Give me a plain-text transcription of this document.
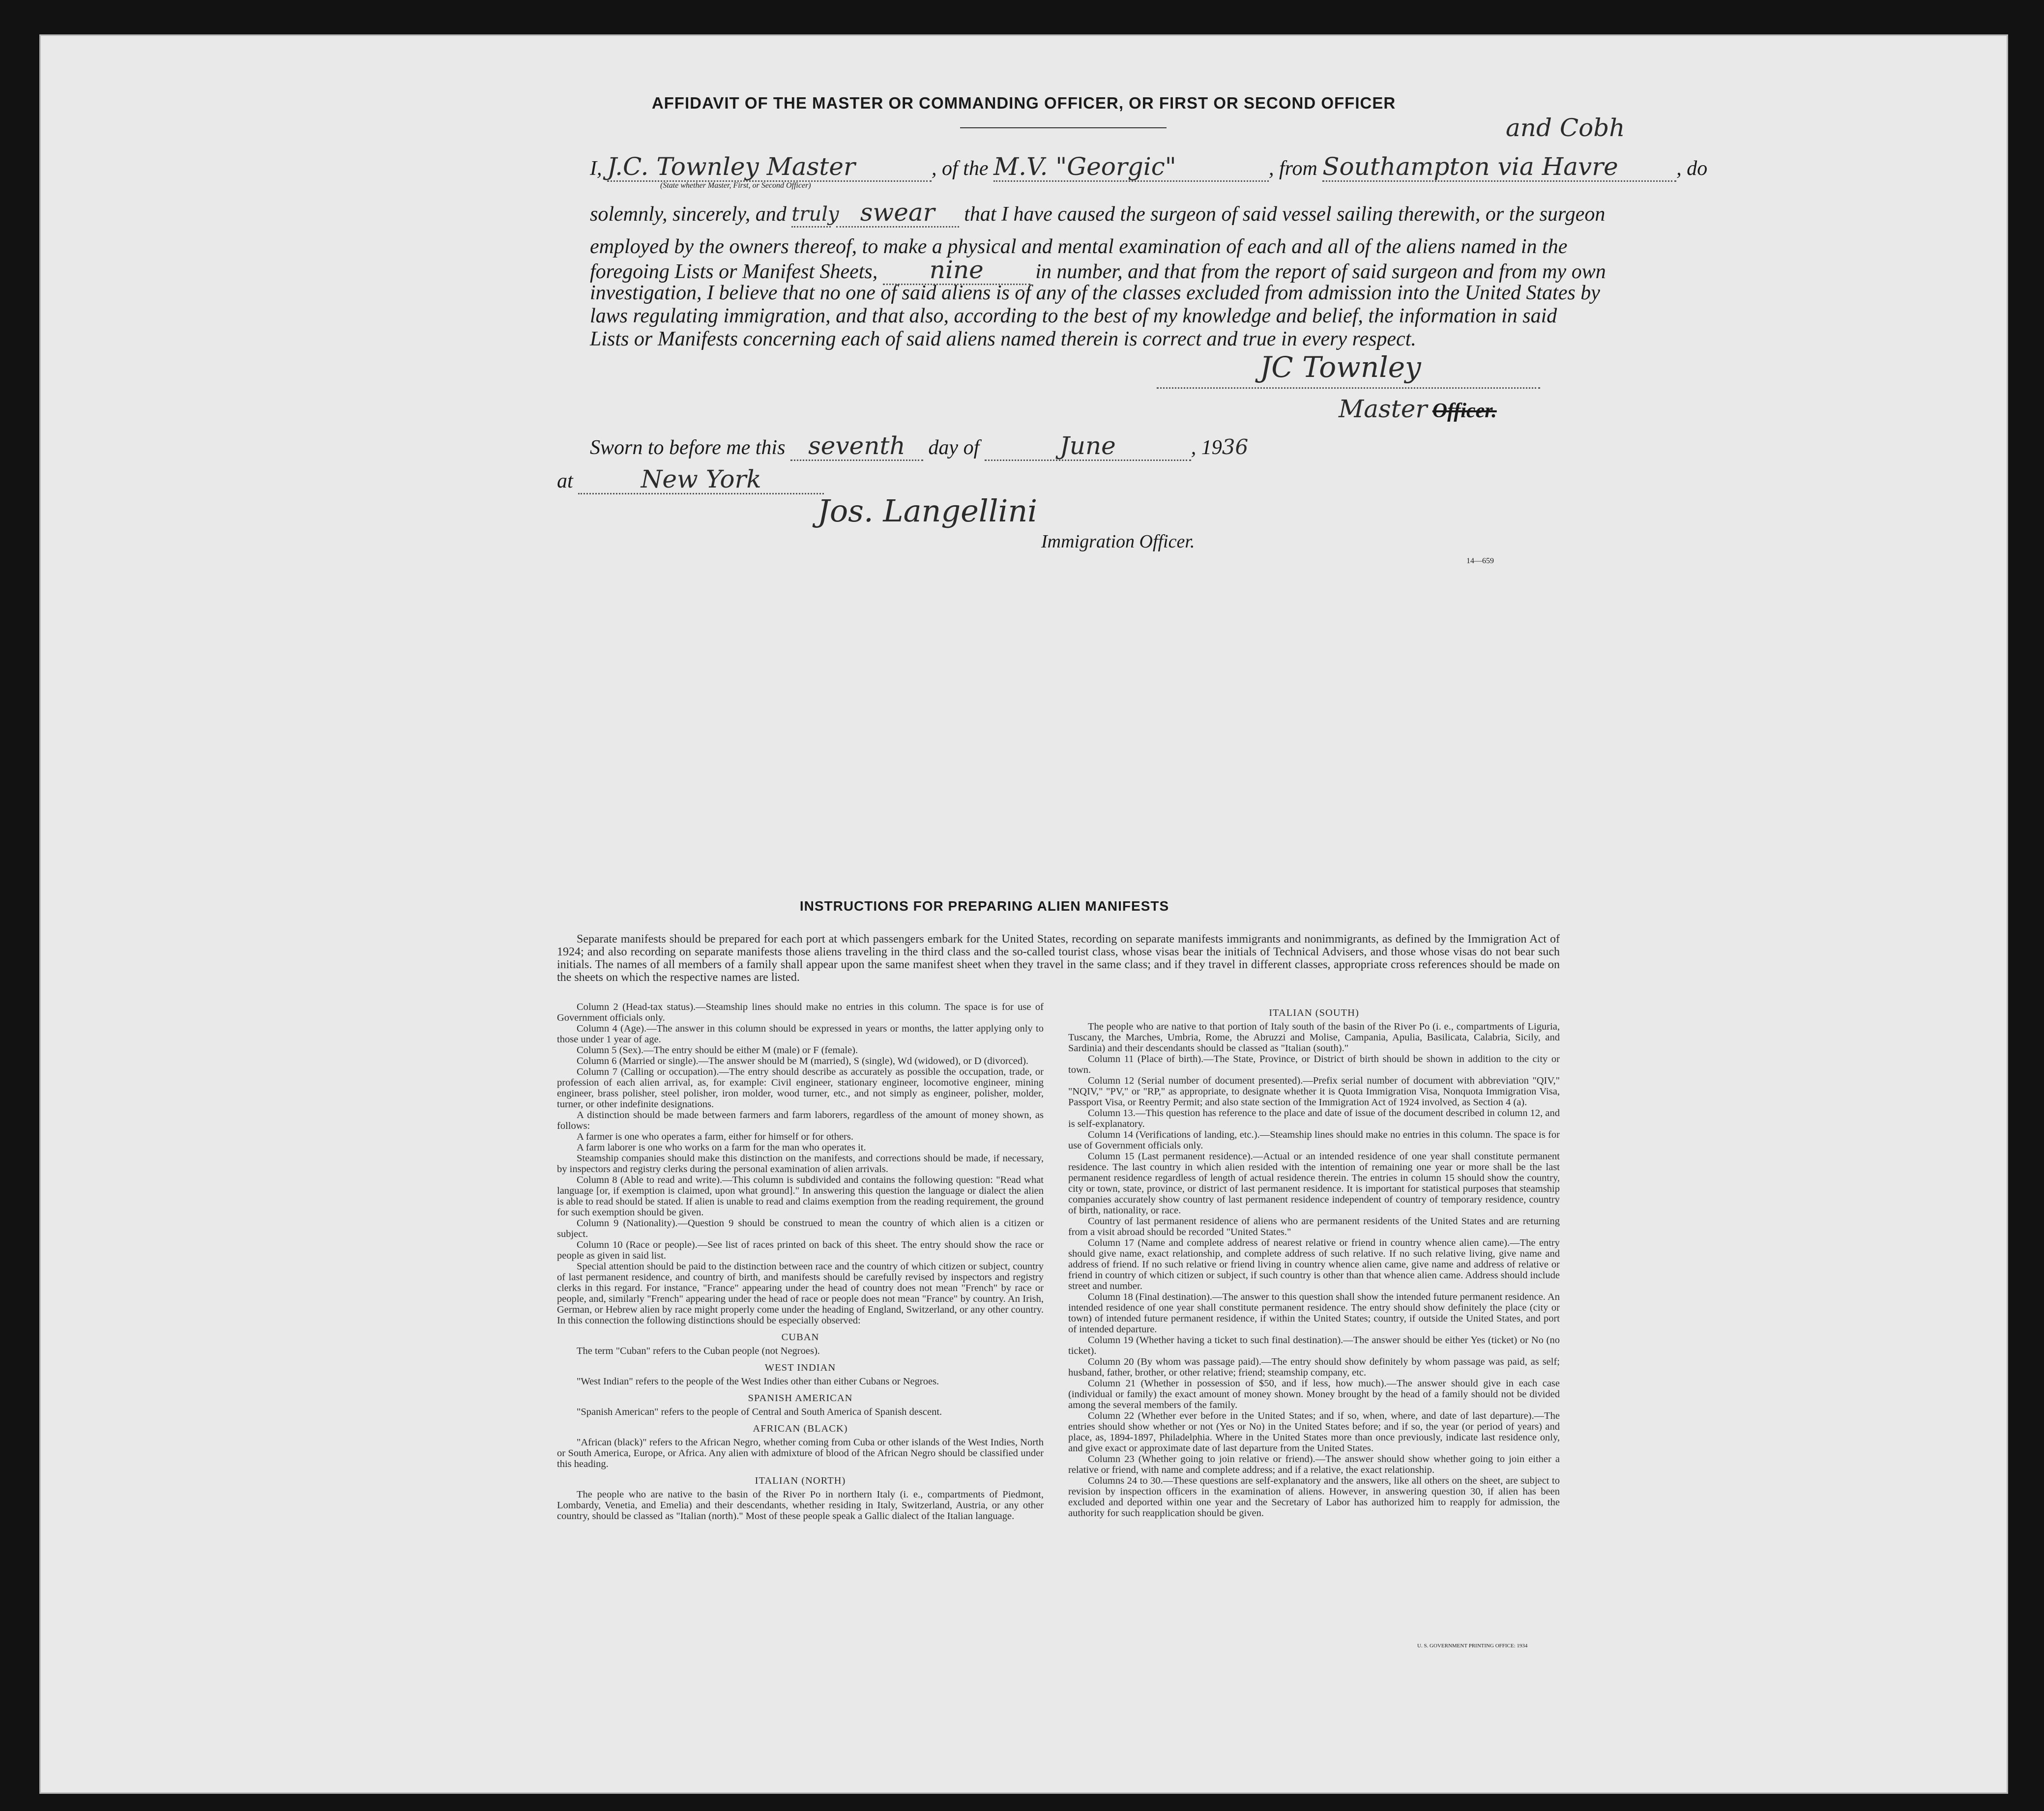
AFFIDAVIT OF THE MASTER OR COMMANDING OFFICER, OR FIRST OR SECOND OFFICER
and Cobh
I, J.C. Townley Master	, of the M.V. "Georgic"	, from Southampton via Havre	, do
(State whether Master, First, or Second Officer)
solemnly, sincerely, and truly swear that I have caused the surgeon of said vessel sailing therewith, or the surgeon
employed by the owners thereof, to make a physical and mental examination of each and all of the aliens named in the
foregoing Lists or Manifest Sheets, nine	in number, and that from the report of said surgeon and from my own
investigation, I believe that no one of said aliens is of any of the classes excluded from admission into the United States by
laws regulating immigration, and that also, according to the best of my knowledge and belief, the information in said
Lists or Manifests concerning each of said aliens named therein is correct and true in every respect.
JC Townley
Master Officer.
Sworn to before me this seventh day of	June	, 1936
at	New York
Jos. Langellini
Immigration Officer.
14—659
INSTRUCTIONS FOR PREPARING ALIEN MANIFESTS

Separate manifests should be prepared for each port at which passengers embark for the United States, recording on separate manifests immigrants and nonimmigrants, as defined by the Immigration Act of 1924; and also recording on separate manifests those aliens traveling in the third class and the so-called tourist class, whose visas bear the initials of Technical Advisers, and those whose visas do not bear such initials. The names of all members of a family shall appear upon the same manifest sheet when they travel in the same class; and if they travel in different classes, appropriate cross references should be made on the sheets on which the respective names are listed.

Column 2 (Head-tax status).—Steamship lines should make no entries in this column. The space is for use of Government officials only.

Column 4 (Age).—The answer in this column should be expressed in years or months, the latter applying only to those under 1 year of age.

Column 5 (Sex).—The entry should be either M (male) or F (female).

Column 6 (Married or single).—The answer should be M (married), S (single), Wd (widowed), or D (divorced).

Column 7 (Calling or occupation).—The entry should describe as accurately as possible the occupation, trade, or profession of each alien arrival, as, for example: Civil engineer, stationary engineer, locomotive engineer, mining engineer, brass polisher, steel polisher, iron molder, wood turner, etc., and not simply as engineer, polisher, molder, turner, or other indefinite designations.

A distinction should be made between farmers and farm laborers, regardless of the amount of money shown, as follows:

A farmer is one who operates a farm, either for himself or for others.

A farm laborer is one who works on a farm for the man who operates it.

Steamship companies should make this distinction on the manifests, and corrections should be made, if necessary, by inspectors and registry clerks during the personal examination of alien arrivals.

Column 8 (Able to read and write).—This column is subdivided and contains the following question: "Read what language [or, if exemption is claimed, upon what ground]." In answering this question the language or dialect the alien is able to read should be stated. If alien is unable to read and claims exemption from the reading requirement, the ground for such exemption should be given.

Column 9 (Nationality).—Question 9 should be construed to mean the country of which alien is a citizen or subject.

Column 10 (Race or people).—See list of races printed on back of this sheet. The entry should show the race or people as given in said list.

Special attention should be paid to the distinction between race and the country of which citizen or subject, country of last permanent residence, and country of birth, and manifests should be carefully revised by inspectors and registry clerks in this regard. For instance, "France" appearing under the head of country does not mean "French" by race or people, and, similarly "French" appearing under the head of race or people does not mean "France" by country. An Irish, German, or Hebrew alien by race might properly come under the heading of England, Switzerland, or any other country. In this connection the following distinctions should be especially observed:

CUBAN

The term "Cuban" refers to the Cuban people (not Negroes).

WEST INDIAN

"West Indian" refers to the people of the West Indies other than either Cubans or Negroes.

SPANISH AMERICAN

"Spanish American" refers to the people of Central and South America of Spanish descent.

AFRICAN (BLACK)

"African (black)" refers to the African Negro, whether coming from Cuba or other islands of the West Indies, North or South America, Europe, or Africa. Any alien with admixture of blood of the African Negro should be classified under this heading.

ITALIAN (NORTH)

The people who are native to the basin of the River Po in northern Italy (i. e., compartments of Piedmont, Lombardy, Venetia, and Emelia) and their descendants, whether residing in Italy, Switzerland, Austria, or any other country, should be classed as "Italian (north)." Most of these people speak a Gallic dialect of the Italian language.

ITALIAN (SOUTH)

The people who are native to that portion of Italy south of the basin of the River Po (i. e., compartments of Liguria, Tuscany, the Marches, Umbria, Rome, the Abruzzi and Molise, Campania, Apulia, Basilicata, Calabria, Sicily, and Sardinia) and their descendants should be classed as "Italian (south)."

Column 11 (Place of birth).—The State, Province, or District of birth should be shown in addition to the city or town.

Column 12 (Serial number of document presented).—Prefix serial number of document with abbreviation "QIV," "NQIV," "PV," or "RP," as appropriate, to designate whether it is Quota Immigration Visa, Nonquota Immigration Visa, Passport Visa, or Reentry Permit; and also state section of the Immigration Act of 1924 involved, as Section 4 (a).

Column 13.—This question has reference to the place and date of issue of the document described in column 12, and is self-explanatory.

Column 14 (Verifications of landing, etc.).—Steamship lines should make no entries in this column. The space is for use of Government officials only.

Column 15 (Last permanent residence).—Actual or an intended residence of one year shall constitute permanent residence. The last country in which alien resided with the intention of remaining one year or more shall be the last permanent residence regardless of length of actual residence therein. The entries in column 15 should show the country, city or town, state, province, or district of last permanent residence. It is important for statistical purposes that steamship companies accurately show country of last permanent residence independent of country of temporary residence, country of birth, nationality, or race.

Country of last permanent residence of aliens who are permanent residents of the United States and are returning from a visit abroad should be recorded "United States."

Column 17 (Name and complete address of nearest relative or friend in country whence alien came).—The entry should give name, exact relationship, and complete address of such relative. If no such relative living, give name and address of friend. If no such relative or friend living in country whence alien came, give name and address of relative or friend in country of which citizen or subject, if such country is other than that whence alien came. Address should include street and number.

Column 18 (Final destination).—The answer to this question shall show the intended future permanent residence. An intended residence of one year shall constitute permanent residence. The entry should show definitely the place (city or town) of intended future permanent residence, if within the United States; country, if outside the United States, and port of intended departure.

Column 19 (Whether having a ticket to such final destination).—The answer should be either Yes (ticket) or No (no ticket).

Column 20 (By whom was passage paid).—The entry should show definitely by whom passage was paid, as self; husband, father, brother, or other relative; friend; steamship company, etc.

Column 21 (Whether in possession of $50, and if less, how much).—The answer should give in each case (individual or family) the exact amount of money shown. Money brought by the head of a family should not be divided among the several members of the family.

Column 22 (Whether ever before in the United States; and if so, when, where, and date of last departure).—The entries should show whether or not (Yes or No) in the United States before; and if so, the year (or period of years) and place, as, 1894-1897, Philadelphia. Where in the United States more than once previously, indicate last residence only, and give exact or approximate date of last departure from the United States.

Column 23 (Whether going to join relative or friend).—The answer should show whether going to join either a relative or friend, with name and complete address; and if a relative, the exact relationship.

Columns 24 to 30.—These questions are self-explanatory and the answers, like all others on the sheet, are subject to revision by inspection officers in the examination of aliens. However, in answering question 30, if alien has been excluded and deported within one year and the Secretary of Labor has authorized him to reapply for admission, the authority for such reapplication should be given.

U. S. GOVERNMENT PRINTING OFFICE: 1934
